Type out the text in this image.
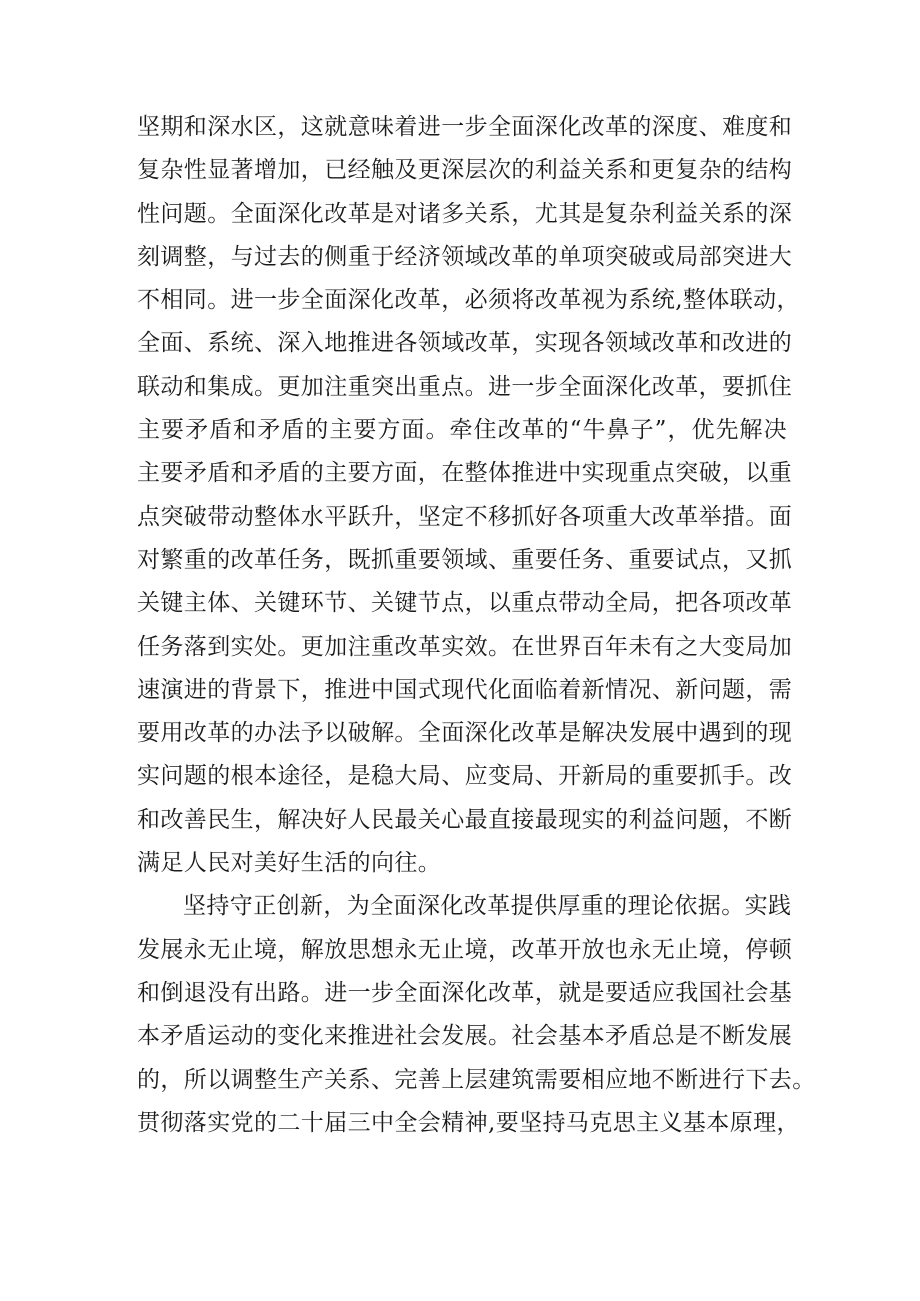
坚期和深水区，这就意味着进一步全面深化改革的深度、难度和
复杂性显著增加，已经触及更深层次的利益关系和更复杂的结构
性问题。全面深化改革是对诸多关系，尤其是复杂利益关系的深
刻调整，与过去的侧重于经济领域改革的单项突破或局部突进大
不相同。进一步全面深化改革，必须将改革视为系统,整体联动，
全面、系统、深入地推进各领域改革，实现各领域改革和改进的
联动和集成。更加注重突出重点。进一步全面深化改革，要抓住
主要矛盾和矛盾的主要方面。牵住改革的“牛鼻子”，优先解决
主要矛盾和矛盾的主要方面，在整体推进中实现重点突破，以重
点突破带动整体水平跃升，坚定不移抓好各项重大改革举措。面
对繁重的改革任务，既抓重要领域、重要任务、重要试点，又抓
关键主体、关键环节、关键节点，以重点带动全局，把各项改革
任务落到实处。更加注重改革实效。在世界百年未有之大变局加
速演进的背景下，推进中国式现代化面临着新情况、新问题，需
要用改革的办法予以破解。全面深化改革是解决发展中遇到的现
实问题的根本途径，是稳大局、应变局、开新局的重要抓手。改
和改善民生，解决好人民最关心最直接最现实的利益问题，不断
满足人民对美好生活的向往。
坚持守正创新，为全面深化改革提供厚重的理论依据。实践
发展永无止境，解放思想永无止境，改革开放也永无止境，停顿
和倒退没有出路。进一步全面深化改革，就是要适应我国社会基
本矛盾运动的变化来推进社会发展。社会基本矛盾总是不断发展
的，所以调整生产关系、完善上层建筑需要相应地不断进行下去。
贯彻落实党的二十届三中全会精神,要坚持马克思主义基本原理，
